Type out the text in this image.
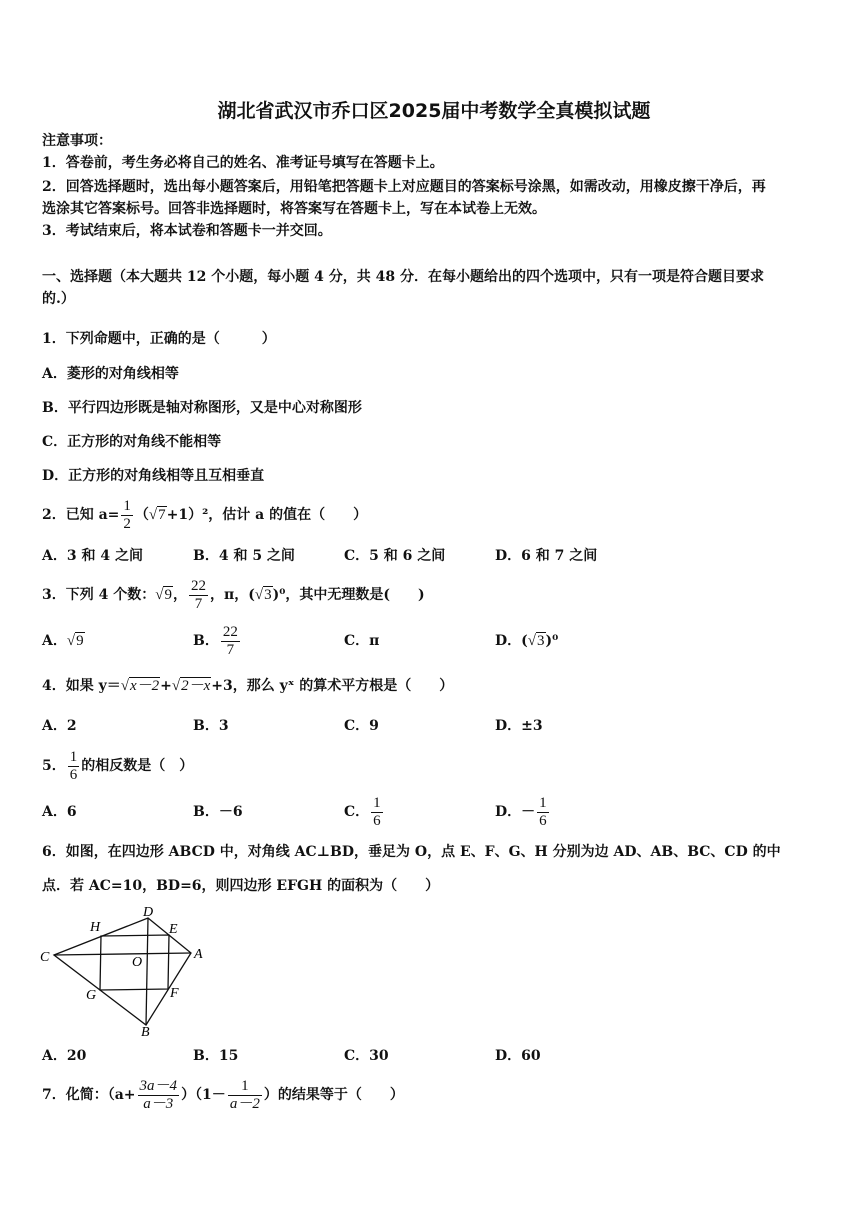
湖北省武汉市乔口区2025届中考数学全真模拟试题
注意事项：
1．答卷前，考生务必将自己的姓名、准考证号填写在答题卡上。
2．回答选择题时，选出每小题答案后，用铅笔把答题卡上对应题目的答案标号涂黑，如需改动，用橡皮擦干净后，再
选涂其它答案标号。回答非选择题时，将答案写在答题卡上，写在本试卷上无效。
3．考试结束后，将本试卷和答题卡一并交回。
一、选择题（本大题共 12 个小题，每小题 4 分，共 48 分．在每小题给出的四个选项中，只有一项是符合题目要求
的.）
1．下列命题中，正确的是（　　　）
A．菱形的对角线相等
B．平行四边形既是轴对称图形，又是中心对称图形
C．正方形的对角线不能相等
D．正方形的对角线相等且互相垂直
2．已知 $a= \frac{1}{2} (√7+1)^2$，估计 a 的值在（　　）
A．3 和 4 之间	B．4 和 5 之间	C．5 和 6 之间	D．6 和 7 之间
3．下列 4 个数：√9， $\frac{22}{7}$ ，π，(√3)⁰，其中无理数是(　　)
A．√9	B． $\frac{22}{7}$	C．π	D．(√3)⁰
4．如果 y＝√x－2+√2－x+3，那么 yˣ 的算术平方根是（　　）
A．2	B．3	C．9	D．±3
5． $\frac{1}{6}$ 的相反数是（　）
A．6	B．－6	C． $\frac{1}{6}$	D．－ $\frac{1}{6}$
6．如图，在四边形 ABCD 中，对角线 AC⊥BD，垂足为 O，点 E、F、G、H 分别为边 AD、AB、BC、CD 的中
点．若 AC=10，BD=6，则四边形 EFGH 的面积为（　　）
D
H	E
C	O
A
G	F
B
A．20	B．15	C．30	D．60
7．化简：$(a+ \frac{3a-4}{a-3} )(1- \frac{1}{a-2}$ ）的结果等于（　　）
